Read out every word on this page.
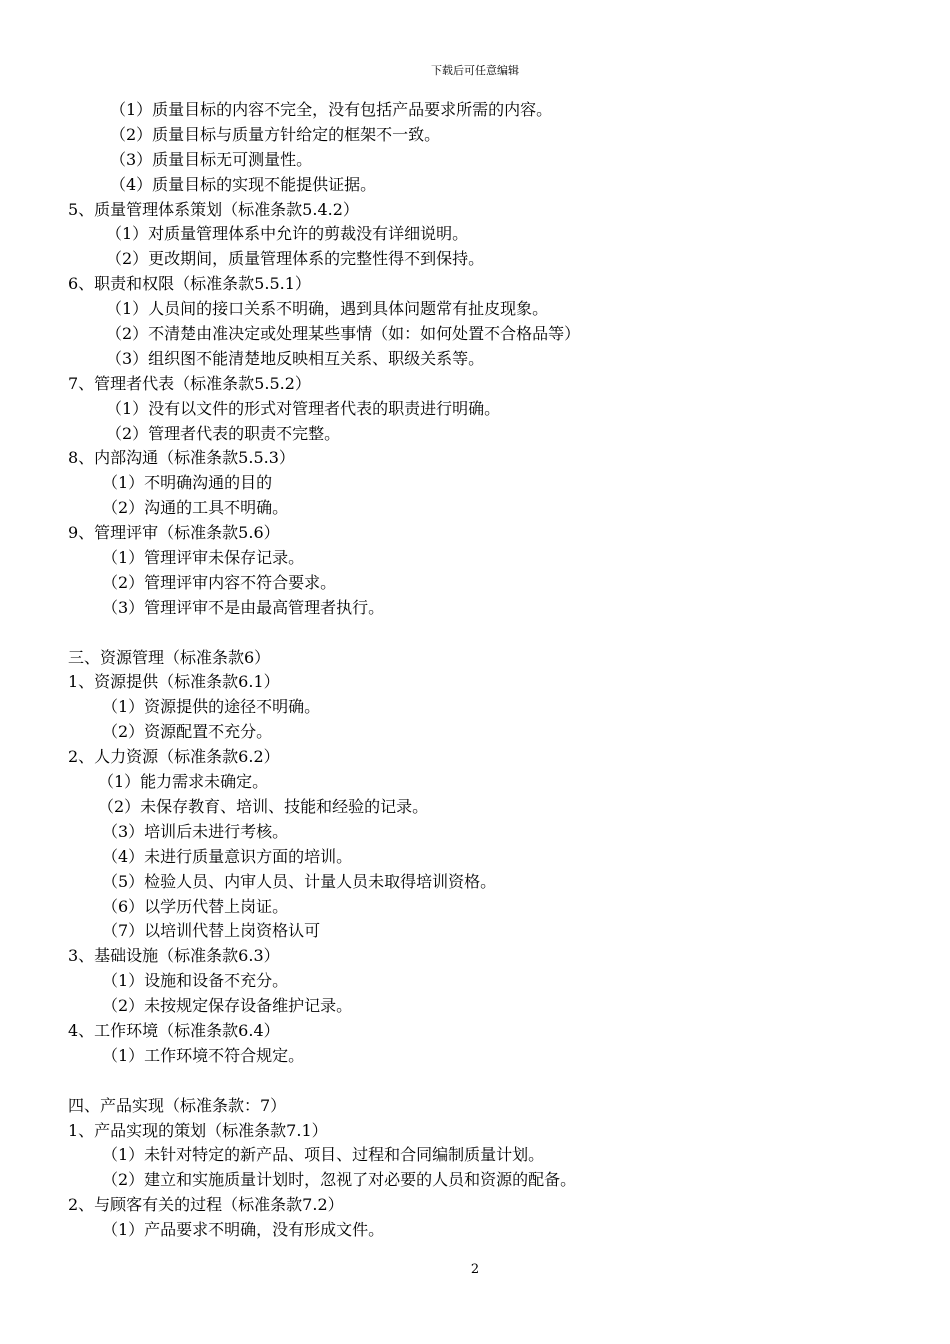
下载后可任意编辑
（1）质量目标的内容不完全，没有包括产品要求所需的内容。
（2）质量目标与质量方针给定的框架不一致。
（3）质量目标无可测量性。
（4）质量目标的实现不能提供证据。
5、质量管理体系策划（标准条款5.4.2）
（1）对质量管理体系中允许的剪裁没有详细说明。
（2）更改期间，质量管理体系的完整性得不到保持。
6、职责和权限（标准条款5.5.1）
（1）人员间的接口关系不明确，遇到具体问题常有扯皮现象。
（2）不清楚由准决定或处理某些事情（如：如何处置不合格品等）
（3）组织图不能清楚地反映相互关系、职级关系等。
7、管理者代表（标准条款5.5.2）
（1）没有以文件的形式对管理者代表的职责进行明确。
（2）管理者代表的职责不完整。
8、内部沟通（标准条款5.5.3）
（1）不明确沟通的目的
（2）沟通的工具不明确。
9、管理评审（标准条款5.6）
（1）管理评审未保存记录。
（2）管理评审内容不符合要求。
（3）管理评审不是由最高管理者执行。
三、资源管理（标准条款6）
1、资源提供（标准条款6.1）
（1）资源提供的途径不明确。
（2）资源配置不充分。
2、人力资源（标准条款6.2）
（1）能力需求未确定。
（2）未保存教育、培训、技能和经验的记录。
（3）培训后未进行考核。
（4）未进行质量意识方面的培训。
（5）检验人员、内审人员、计量人员未取得培训资格。
（6）以学历代替上岗证。
（7）以培训代替上岗资格认可
3、基础设施（标准条款6.3）
（1）设施和设备不充分。
（2）未按规定保存设备维护记录。
4、工作环境（标准条款6.4）
（1）工作环境不符合规定。
四、产品实现（标准条款：7）
1、产品实现的策划（标准条款7.1）
（1）未针对特定的新产品、项目、过程和合同编制质量计划。
（2）建立和实施质量计划时，忽视了对必要的人员和资源的配备。
2、与顾客有关的过程（标准条款7.2）
（1）产品要求不明确，没有形成文件。
2
